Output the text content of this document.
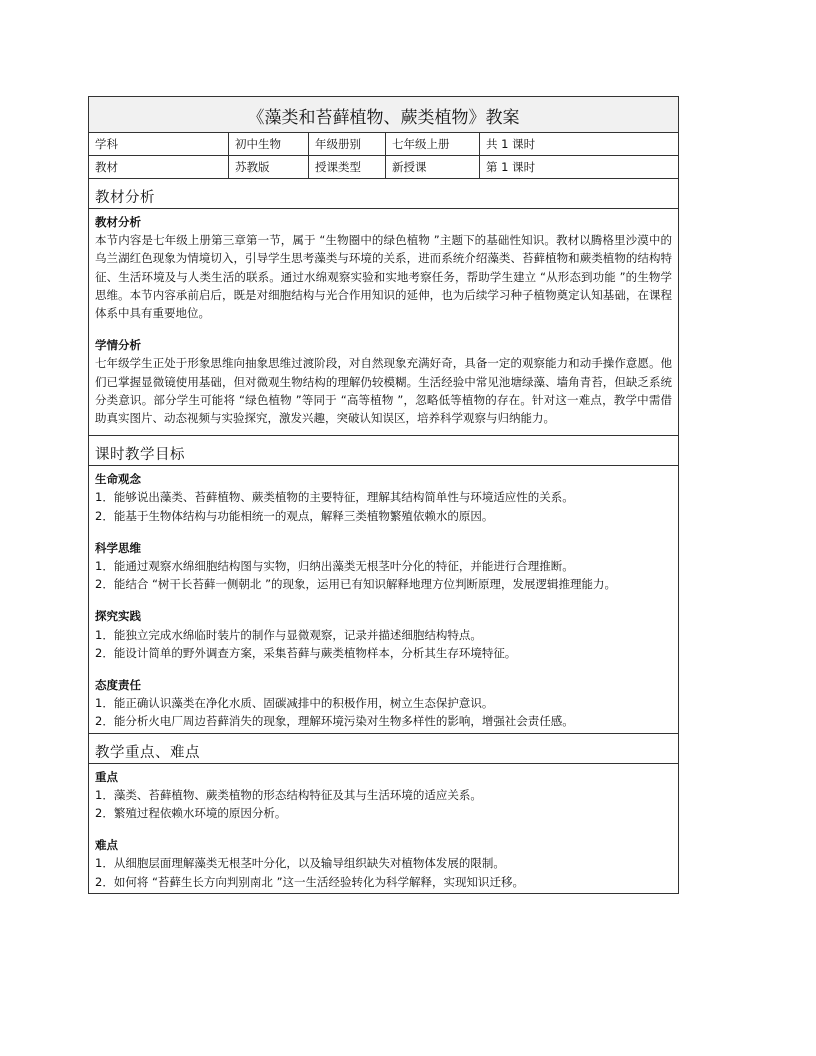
《藻类和苔藓植物、蕨类植物》教案
学科	初中生物	年级册别	七年级上册	共 1 课时
教材	苏教版	授课类型	新授课	第 1 课时
教材分析
教材分析

本节内容是七年级上册第三章第一节，属于 “生物圈中的绿色植物 ”主题下的基础性知识。教材以腾格里沙漠中的乌兰湖红色现象为情境切入，引导学生思考藻类与环境的关系，进而系统介绍藻类、苔藓植物和蕨类植物的结构特征、生活环境及与人类生活的联系。通过水绵观察实验和实地考察任务，帮助学生建立 “从形态到功能 ”的生物学思维。本节内容承前启后，既是对细胞结构与光合作用知识的延伸，也为后续学习种子植物奠定认知基础，在课程体系中具有重要地位。

学情分析

七年级学生正处于形象思维向抽象思维过渡阶段，对自然现象充满好奇，具备一定的观察能力和动手操作意愿。他们已掌握显微镜使用基础，但对微观生物结构的理解仍较模糊。生活经验中常见池塘绿藻、墙角青苔，但缺乏系统分类意识。部分学生可能将 “绿色植物 ”等同于 “高等植物 ”，忽略低等植物的存在。针对这一难点，教学中需借助真实图片、动态视频与实验探究，激发兴趣，突破认知误区，培养科学观察与归纳能力。

课时教学目标
生命观念

1．能够说出藻类、苔藓植物、蕨类植物的主要特征，理解其结构简单性与环境适应性的关系。

2．能基于生物体结构与功能相统一的观点，解释三类植物繁殖依赖水的原因。

科学思维

1．能通过观察水绵细胞结构图与实物，归纳出藻类无根茎叶分化的特征，并能进行合理推断。

2．能结合 “树干长苔藓一侧朝北 ”的现象，运用已有知识解释地理方位判断原理，发展逻辑推理能力。

探究实践

1．能独立完成水绵临时装片的制作与显微观察，记录并描述细胞结构特点。

2．能设计简单的野外调查方案，采集苔藓与蕨类植物样本，分析其生存环境特征。

态度责任

1．能正确认识藻类在净化水质、固碳减排中的积极作用，树立生态保护意识。

2．能分析火电厂周边苔藓消失的现象，理解环境污染对生物多样性的影响，增强社会责任感。

教学重点、难点
重点

1．藻类、苔藓植物、蕨类植物的形态结构特征及其与生活环境的适应关系。

2．繁殖过程依赖水环境的原因分析。

难点

1．从细胞层面理解藻类无根茎叶分化，以及输导组织缺失对植物体发展的限制。

2．如何将 “苔藓生长方向判别南北 ”这一生活经验转化为科学解释，实现知识迁移。
